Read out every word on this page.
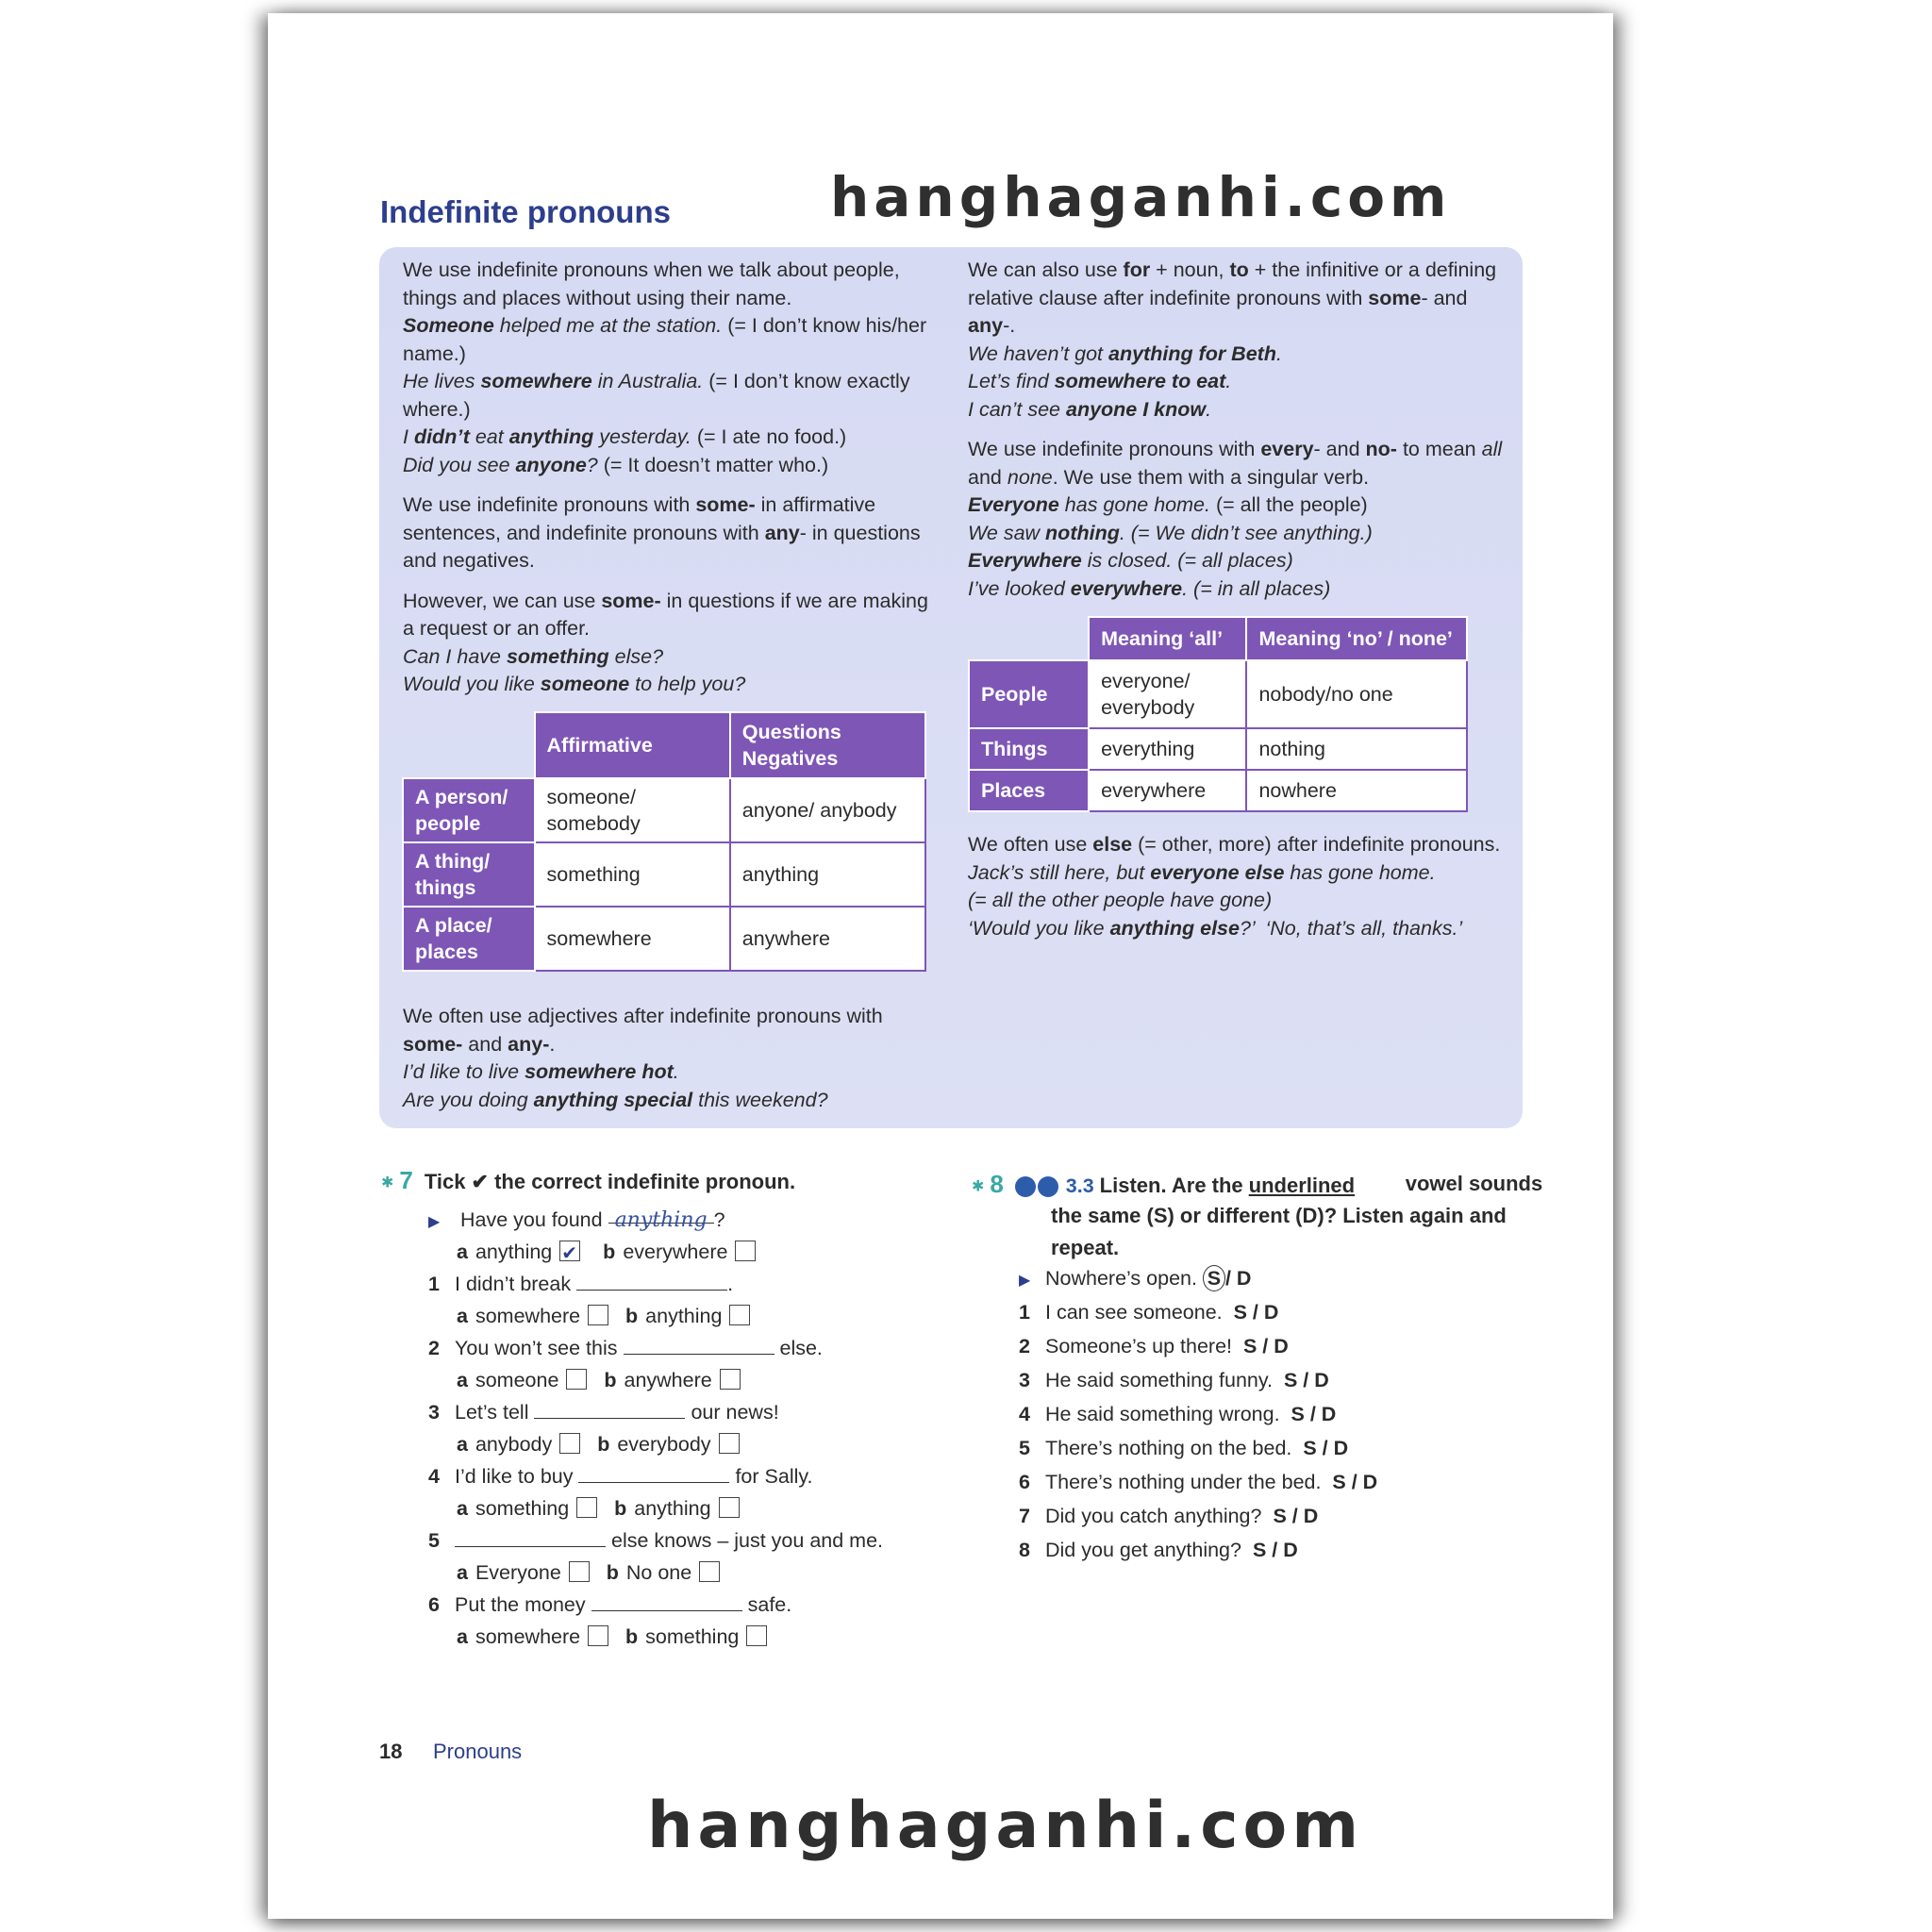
hanghaganhi.com
hanghaganhi.com
Indefinite pronouns

We use indefinite pronouns when we talk about people, things and places without using their name.
Someone helped me at the station. (= I don’t know his/her name.)
He lives somewhere in Australia. (= I don’t know exactly where.)
I didn’t eat anything yesterday. (= I ate no food.)
Did you see anyone? (= It doesn’t matter who.)

We use indefinite pronouns with some- in affirmative sentences, and indefinite pronouns with any- in questions and negatives.

However, we can use some- in questions if we are making a request or an offer.
Can I have something else?
Would you like someone to help you?

	Affirmative	Questions Negatives
A person/ people	someone/ somebody	anyone/ anybody
A thing/ things	something	anything
A place/ places	somewhere	anywhere

We often use adjectives after indefinite pronouns with some- and any-.
I’d like to live somewhere hot.
Are you doing anything special this weekend?

We can also use for + noun, to + the infinitive or a defining relative clause after indefinite pronouns with some- and any-.
We haven’t got anything for Beth.
Let’s find somewhere to eat.
I can’t see anyone I know.

We use indefinite pronouns with every- and no- to mean all and none. We use them with a singular verb.
Everyone has gone home. (= all the people)
We saw nothing. (= We didn’t see anything.)
Everywhere is closed. (= all places)
I’ve looked everywhere. (= in all places)

	Meaning ‘all’	Meaning ‘no’ / none’
People	everyone/ everybody	nobody/no one
Things	everything	nothing
Places	everywhere	nowhere

We often use else (= other, more) after indefinite pronouns.
Jack’s still here, but everyone else has gone home.
(= all the other people have gone)
‘Would you like anything else?’  ‘No, that’s all, thanks.’

✱ 7 Tick ✔ the correct indefinite pronoun.
▶ Have you found anything ?
a anything ✔ b everywhere
1 I didn’t break	.
a somewhere b anything
2 You won’t see this	else.
a someone b anywhere
3 Let’s tell	our news!
a anybody b everybody
4 I’d like to buy	for Sally.
a something b anything
5	else knows – just you and me.
a Everyone b No one
6 Put the money	safe.
a somewhere b something
✱ 8	3.3 Listen. Are the underlined	vowel sounds the same (S) or different (D)? Listen again and repeat.
▶ Nowhere’s open. S / D
1 I can see someone. S / D
2 Someone’s up there! S / D
3 He said something funny. S / D
4 He said something wrong. S / D
5 There’s nothing on the bed. S / D
6 There’s nothing under the bed. S / D
7 Did you catch anything? S / D
8 Did you get anything? S / D
18 Pronouns
